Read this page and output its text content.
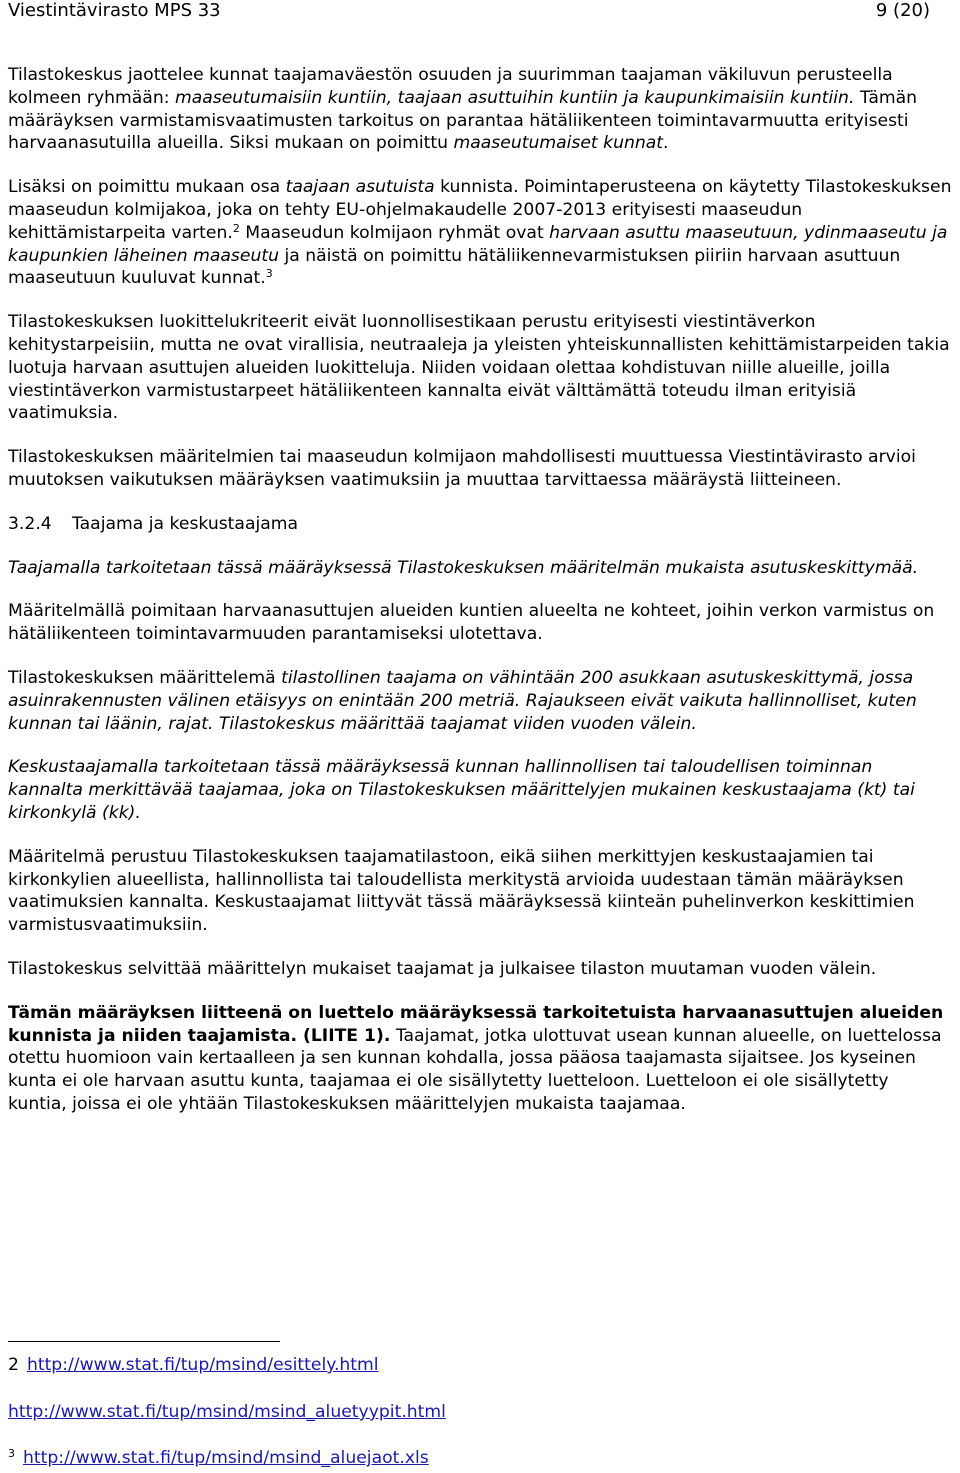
Viestintävirasto MPS 33	9 (20)

Tilastokeskus jaottelee kunnat taajamaväestön osuuden ja suurimman taajaman väkiluvun perusteella kolmeen ryhmään: maaseutumaisiin kuntiin, taajaan asuttuihin kuntiin ja kaupunkimaisiin kuntiin. Tämän määräyksen varmistamisvaatimusten tarkoitus on parantaa hätäliikenteen toimintavarmuutta erityisesti harvaanasutuilla alueilla. Siksi mukaan on poimittu maaseutumaiset kunnat.

Lisäksi on poimittu mukaan osa taajaan asutuista kunnista. Poimintaperusteena on käytetty Tilastokeskuksen maaseudun kolmijakoa, joka on tehty EU-ohjelmakaudelle 2007-2013 erityisesti maaseudun kehittämistarpeita varten.$^2$ Maaseudun kolmijaon ryhmät ovat harvaan asuttu maaseutuun, ydinmaaseutu ja kaupunkien läheinen maaseutu ja näistä on poimittu hätäliikennevarmistuksen piiriin harvaan asuttuun maaseutuun kuuluvat kunnat.$^3$

Tilastokeskuksen luokittelukriteerit eivät luonnollisestikaan perustu erityisesti viestintäverkon kehitystarpeisiin, mutta ne ovat virallisia, neutraaleja ja yleisten yhteiskunnallisten kehittämistarpeiden takia luotuja harvaan asuttujen alueiden luokitteluja. Niiden voidaan olettaa kohdistuvan niille alueille, joilla viestintäverkon varmistustarpeet hätäliikenteen kannalta eivät välttämättä toteudu ilman erityisiä vaatimuksia.

Tilastokeskuksen määritelmien tai maaseudun kolmijaon mahdollisesti muuttuessa Viestintävirasto arvioi muutoksen vaikutuksen määräyksen vaatimuksiin ja muuttaa tarvittaessa määräystä liitteineen.

3.2.4 Taajama ja keskustaajama

Taajamalla tarkoitetaan tässä määräyksessä Tilastokeskuksen määritelmän mukaista asutuskeskittymää.

Määritelmällä poimitaan harvaanasuttujen alueiden kuntien alueelta ne kohteet, joihin verkon varmistus on hätäliikenteen toimintavarmuuden parantamiseksi ulotettava.

Tilastokeskuksen määrittelemä tilastollinen taajama on vähintään 200 asukkaan asutuskeskittymä, jossa asuinrakennusten välinen etäisyys on enintään 200 metriä. Rajaukseen eivät vaikuta hallinnolliset, kuten kunnan tai läänin, rajat. Tilastokeskus määrittää taajamat viiden vuoden välein.

Keskustaajamalla tarkoitetaan tässä määräyksessä kunnan hallinnollisen tai taloudellisen toiminnan kannalta merkittävää taajamaa, joka on Tilastokeskuksen määrittelyjen mukainen keskustaajama (kt) tai kirkonkylä (kk).

Määritelmä perustuu Tilastokeskuksen taajamatilastoon, eikä siihen merkittyjen keskustaajamien tai kirkonkylien alueellista, hallinnollista tai taloudellista merkitystä arvioida uudestaan tämän määräyksen vaatimuksien kannalta. Keskustaajamat liittyvät tässä määräyksessä kiinteän puhelinverkon keskittimien varmistusvaatimuksiin.

Tilastokeskus selvittää määrittelyn mukaiset taajamat ja julkaisee tilaston muutaman vuoden välein.

Tämän määräyksen liitteenä on luettelo määräyksessä tarkoitetuista harvaanasuttujen alueiden kunnista ja niiden taajamista. (LIITE 1). Taajamat, jotka ulottuvat usean kunnan alueelle, on luettelossa otettu huomioon vain kertaalleen ja sen kunnan kohdalla, jossa pääosa taajamasta sijaitsee. Jos kyseinen kunta ei ole harvaan asuttu kunta, taajamaa ei ole sisällytetty luetteloon. Luetteloon ei ole sisällytetty kuntia, joissa ei ole yhtään Tilastokeskuksen määrittelyjen mukaista taajamaa.

2 http://www.stat.fi/tup/msind/esittely.html
http://www.stat.fi/tup/msind/msind_aluetyypit.html
$^3$ http://www.stat.fi/tup/msind/msind_aluejaot.xls
